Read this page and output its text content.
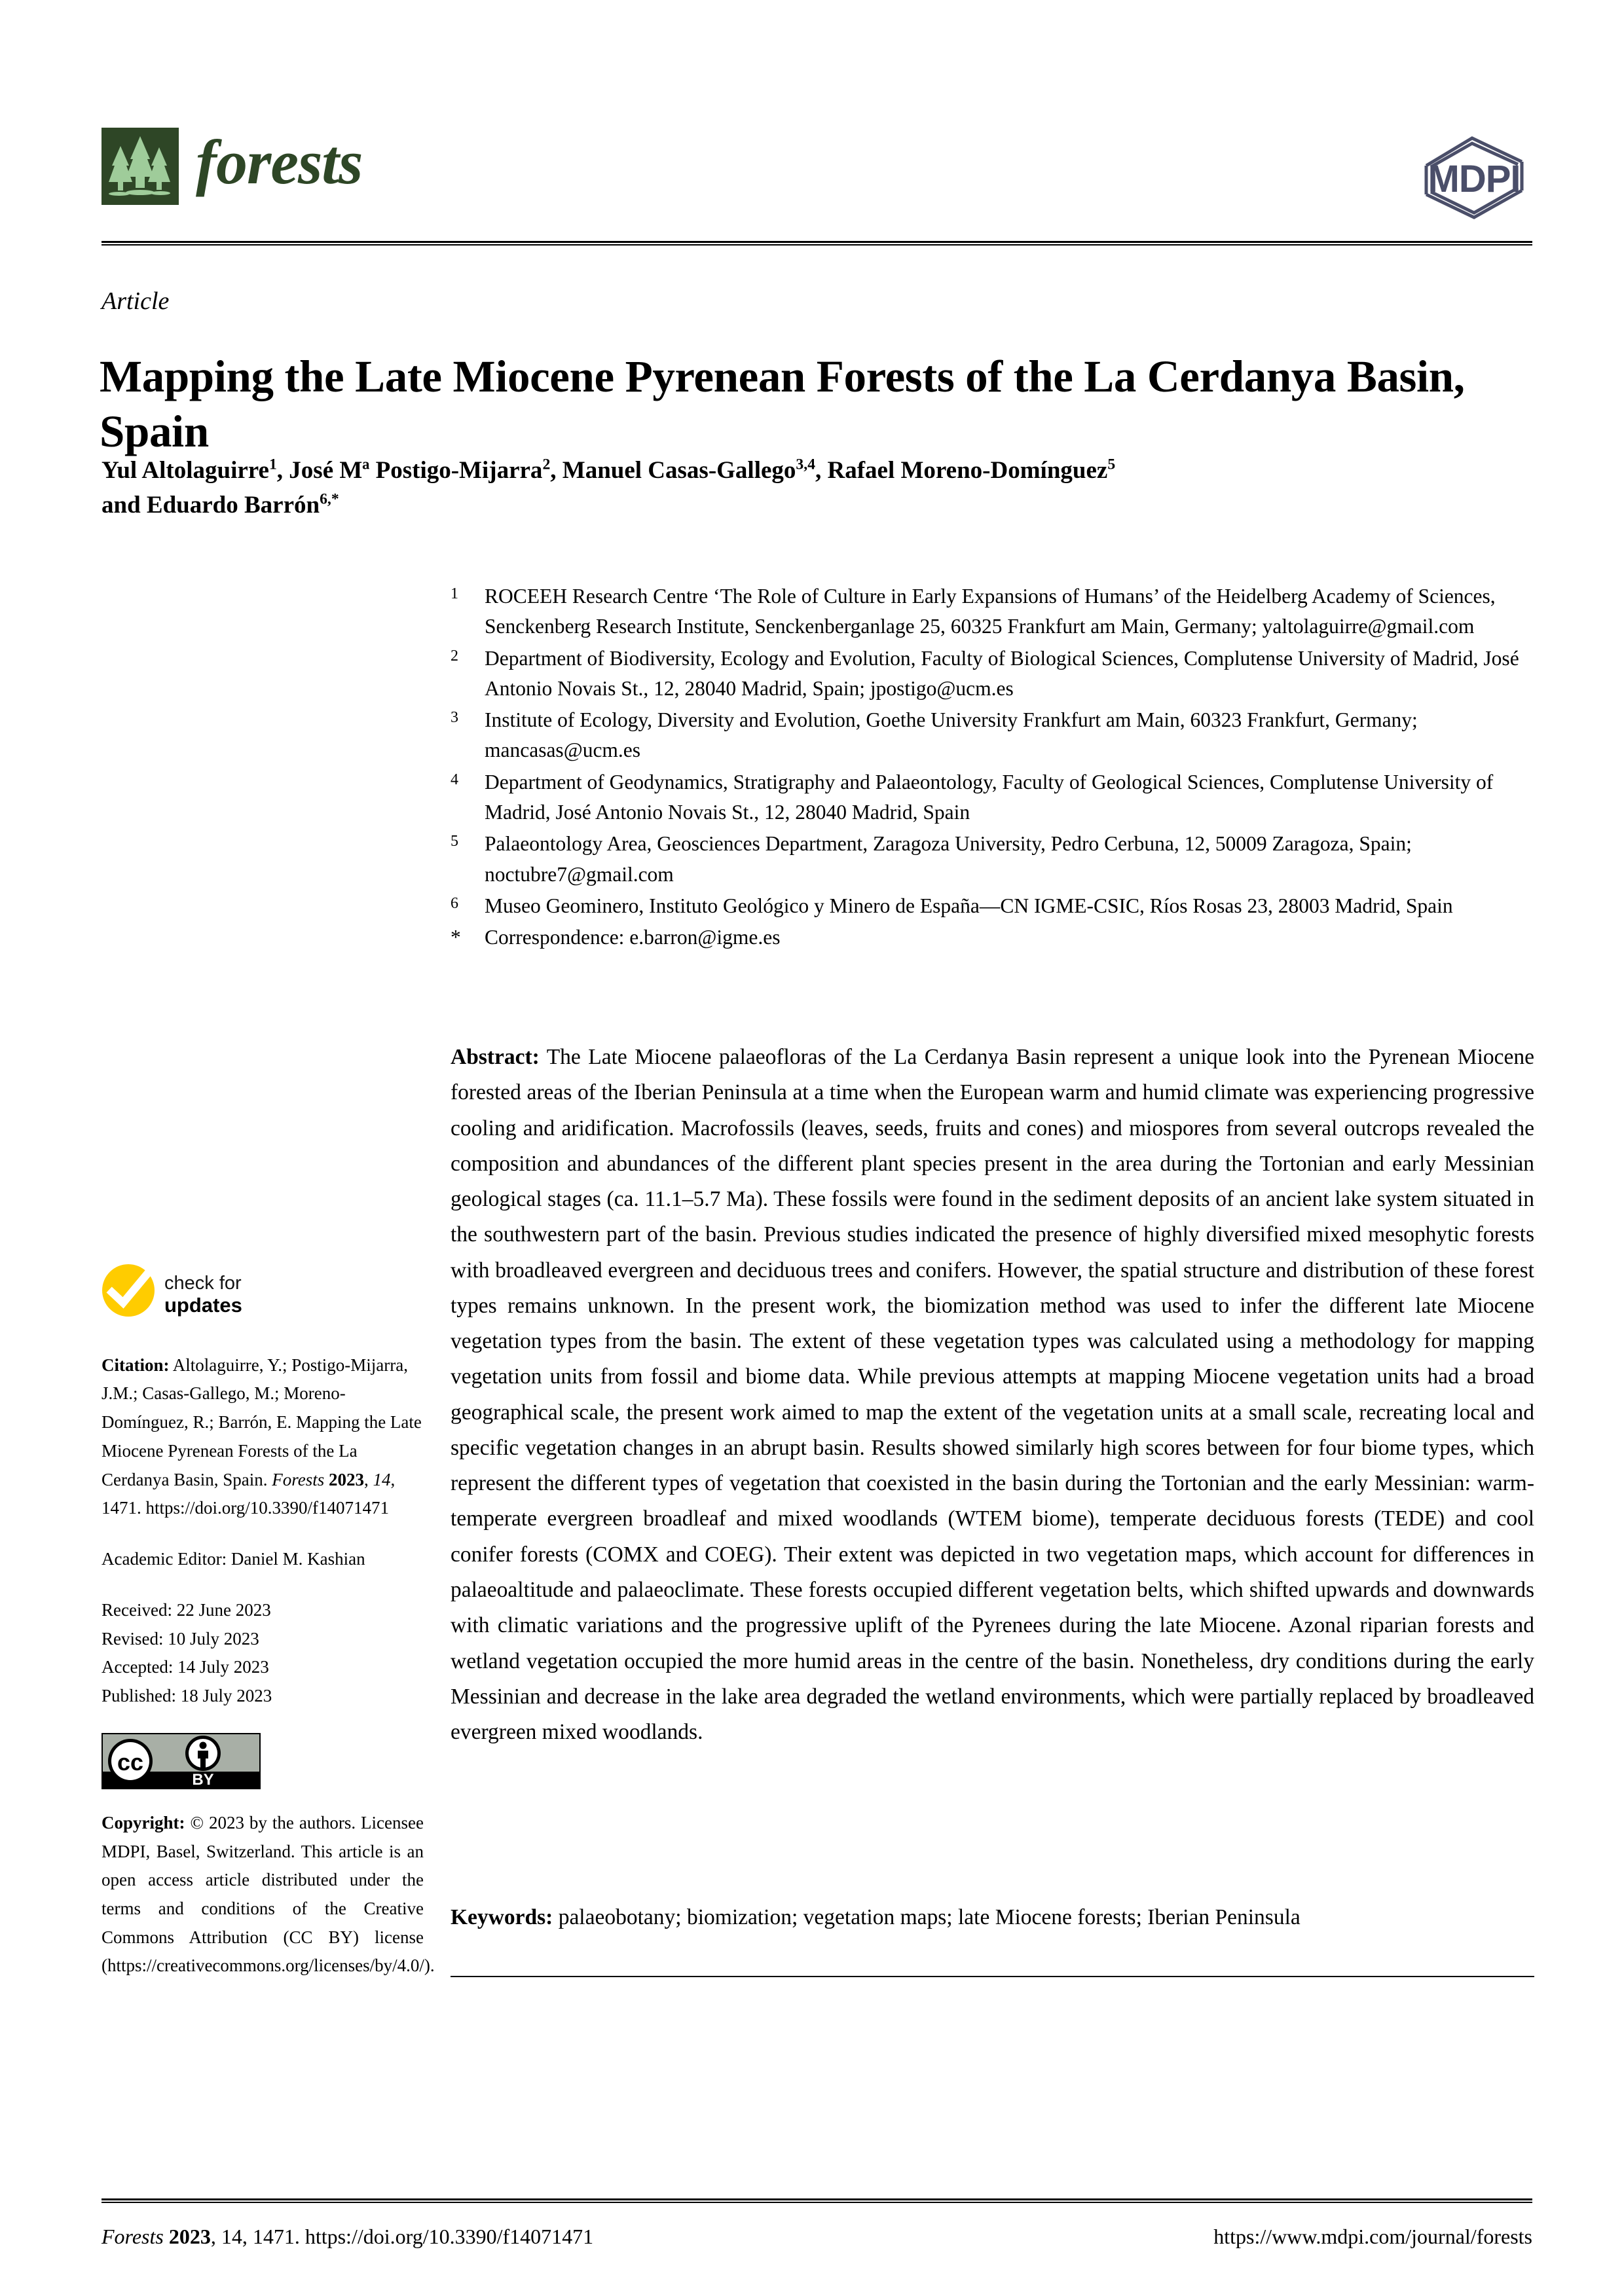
forests	MDPI
Article
Mapping the Late Miocene Pyrenean Forests of the La Cerdanya Basin, Spain
Yul Altolaguirre$^1$, José Mª Postigo-Mijarra$^2$, Manuel Casas-Gallego$^{3,4}$, Rafael Moreno-Domínguez$^5$
and Eduardo Barrón$^{6,*}$
1	ROCEEH Research Centre ‘The Role of Culture in Early Expansions of Humans’ of the Heidelberg Academy of Sciences, Senckenberg Research Institute, Senckenberganlage 25, 60325 Frankfurt am Main, Germany; yaltolaguirre@gmail.com
2	Department of Biodiversity, Ecology and Evolution, Faculty of Biological Sciences, Complutense University of Madrid, José Antonio Novais St., 12, 28040 Madrid, Spain; jpostigo@ucm.es
3	Institute of Ecology, Diversity and Evolution, Goethe University Frankfurt am Main, 60323 Frankfurt, Germany; mancasas@ucm.es
4	Department of Geodynamics, Stratigraphy and Palaeontology, Faculty of Geological Sciences, Complutense University of Madrid, José Antonio Novais St., 12, 28040 Madrid, Spain
5	Palaeontology Area, Geosciences Department, Zaragoza University, Pedro Cerbuna, 12, 50009 Zaragoza, Spain; noctubre7@gmail.com
6	Museo Geominero, Instituto Geológico y Minero de España—CN IGME-CSIC, Ríos Rosas 23, 28003 Madrid, Spain
*	Correspondence: e.barron@igme.es
Abstract: The Late Miocene palaeofloras of the La Cerdanya Basin represent a unique look into the Pyrenean Miocene forested areas of the Iberian Peninsula at a time when the European warm and humid climate was experiencing progressive cooling and aridification. Macrofossils (leaves, seeds, fruits and cones) and miospores from several outcrops revealed the composition and abundances of the different plant species present in the area during the Tortonian and early Messinian geological stages (ca. 11.1–5.7 Ma). These fossils were found in the sediment deposits of an ancient lake system situated in the southwestern part of the basin. Previous studies indicated the presence of highly diversified mixed mesophytic forests with broadleaved evergreen and deciduous trees and conifers. However, the spatial structure and distribution of these forest types remains unknown. In the present work, the biomization method was used to infer the different late Miocene vegetation types from the basin. The extent of these vegetation types was calculated using a methodology for mapping vegetation units from fossil and biome data. While previous attempts at mapping Miocene vegetation units had a broad geographical scale, the present work aimed to map the extent of the vegetation units at a small scale, recreating local and specific vegetation changes in an abrupt basin. Results showed similarly high scores between for four biome types, which represent the different types of vegetation that coexisted in the basin during the Tortonian and the early Messinian: warm-temperate evergreen broadleaf and mixed woodlands (WTEM biome), temperate deciduous forests (TEDE) and cool conifer forests (COMX and COEG). Their extent was depicted in two vegetation maps, which account for differences in palaeoaltitude and palaeoclimate. These forests occupied different vegetation belts, which shifted upwards and downwards with climatic variations and the progressive uplift of the Pyrenees during the late Miocene. Azonal riparian forests and wetland vegetation occupied the more humid areas in the centre of the basin. Nonetheless, dry conditions during the early Messinian and decrease in the lake area degraded the wetland environments, which were partially replaced by broadleaved evergreen mixed woodlands.
Keywords: palaeobotany; biomization; vegetation maps; late Miocene forests; Iberian Peninsula
check for
updates
Citation: Altolaguirre, Y.; Postigo-Mijarra, J.M.; Casas-Gallego, M.; Moreno-Domínguez, R.; Barrón, E. Mapping the Late Miocene Pyrenean Forests of the La Cerdanya Basin, Spain. Forests 2023, 14, 1471. https://doi.org/10.3390/f14071471
Academic Editor: Daniel M. Kashian
Received: 22 June 2023
Revised: 10 July 2023
Accepted: 14 July 2023
Published: 18 July 2023
cc
BY
Copyright: © 2023 by the authors. Licensee MDPI, Basel, Switzerland. This article is an open access article distributed under the terms and conditions of the Creative Commons Attribution (CC BY) license (https://creativecommons.org/licenses/by/4.0/).
Forests 2023, 14, 1471. https://doi.org/10.3390/f14071471	https://www.mdpi.com/journal/forests
